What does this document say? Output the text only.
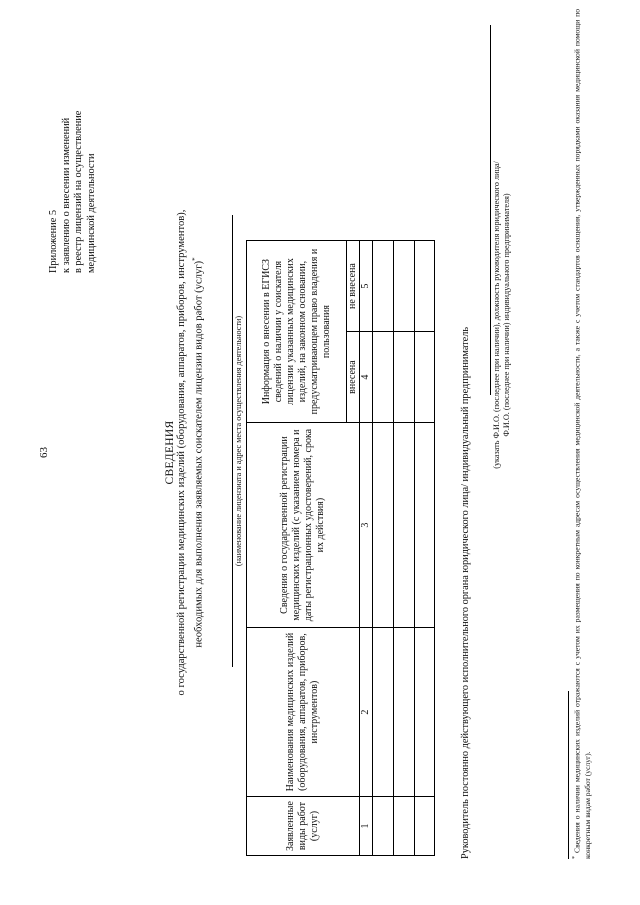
63
Приложение 5 к заявлению о внесении изменений в реестр лицензий на осуществление медицинской деятельности
СВЕДЕНИЯ о государственной регистрации медицинских изделий (оборудования, аппаратов, приборов, инструментов), необходимых для выполнения заявляемых соискателем лицензии видов работ (услуг)*
(наименование лицензиата и адрес места осуществления деятельности)
Заявленные виды работ (услуг)	Наименования медицинских изделий (оборудования, аппаратов, приборов, инструментов)	Сведения о государственной регистрации медицинских изделий (с указанием номера и даты регистрационных удостоверений, срока их действия)	Информация о внесении в ЕГИСЗ сведений о наличии у соискателя лицензии указанных медицинских изделий, на законном основании, предусматривающем право владения и пользования	
			внесена	не внесена
1	2	3	4	5

Руководитель постоянно действующего исполнительного органа юридического лица/ индивидуальный предприниматель
(указать Ф.И.О. (последнее при наличии), должность руководителя юридического лица/ Ф.И.О. (последнее при наличии) индивидуального предпринимателя)
* Сведения о наличии медицинских изделий отражаются с учетом их размещения по конкретным адресам осуществления медицинской деятельности, а также с учетом стандартов оснащения, утвержденных порядками оказания медицинской помощи по конкретным видам работ (услуг).
